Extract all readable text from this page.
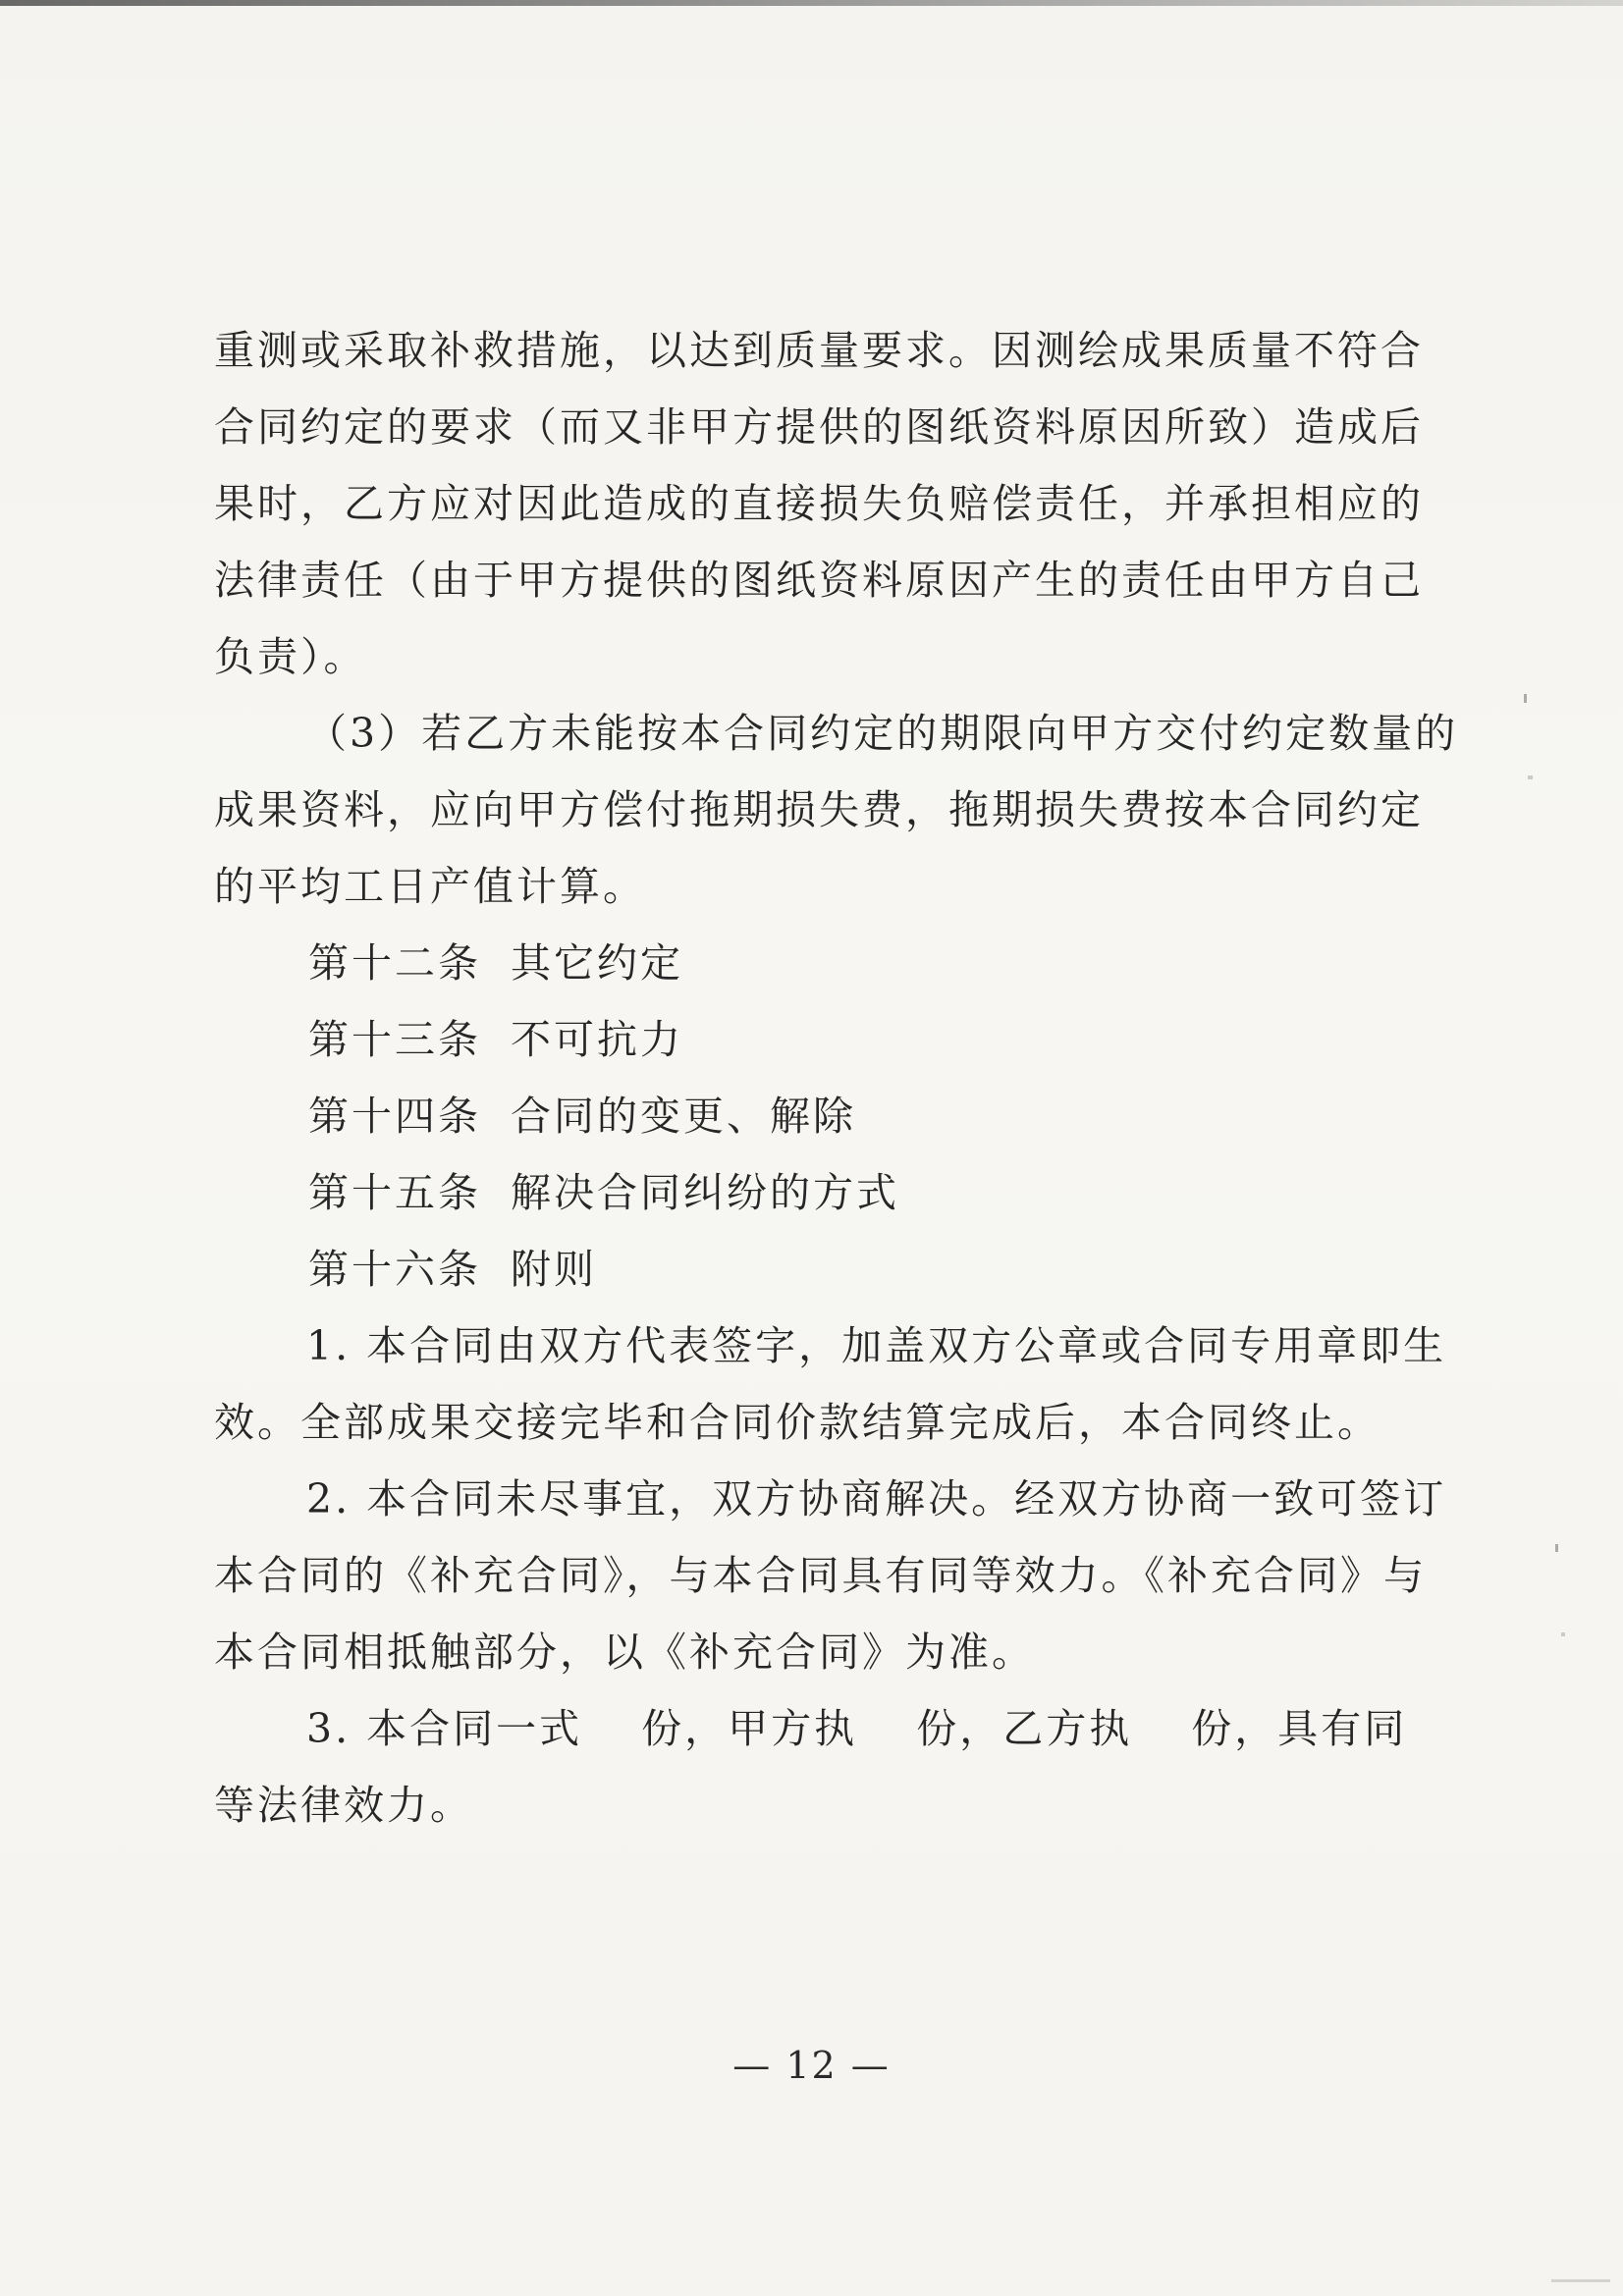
重测或采取补救措施，以达到质量要求。因测绘成果质量不符合
合同约定的要求（而又非甲方提供的图纸资料原因所致）造成后
果时，乙方应对因此造成的直接损失负赔偿责任，并承担相应的
法律责任（由于甲方提供的图纸资料原因产生的责任由甲方自己
负责）。
（3）若乙方未能按本合同约定的期限向甲方交付约定数量的
成果资料，应向甲方偿付拖期损失费，拖期损失费按本合同约定
的平均工日产值计算。
第十二条 其它约定
第十三条 不可抗力
第十四条 合同的变更、解除
第十五条 解决合同纠纷的方式
第十六条 附则
1. 本合同由双方代表签字，加盖双方公章或合同专用章即生
效。全部成果交接完毕和合同价款结算完成后，本合同终止。
2. 本合同未尽事宜，双方协商解决。经双方协商一致可签订
本合同的《补充合同》，与本合同具有同等效力。《补充合同》与
本合同相抵触部分，以《补充合同》为准。
3. 本合同一式　 份，甲方执　 份，乙方执　 份，具有同
等法律效力。
— 12 —
